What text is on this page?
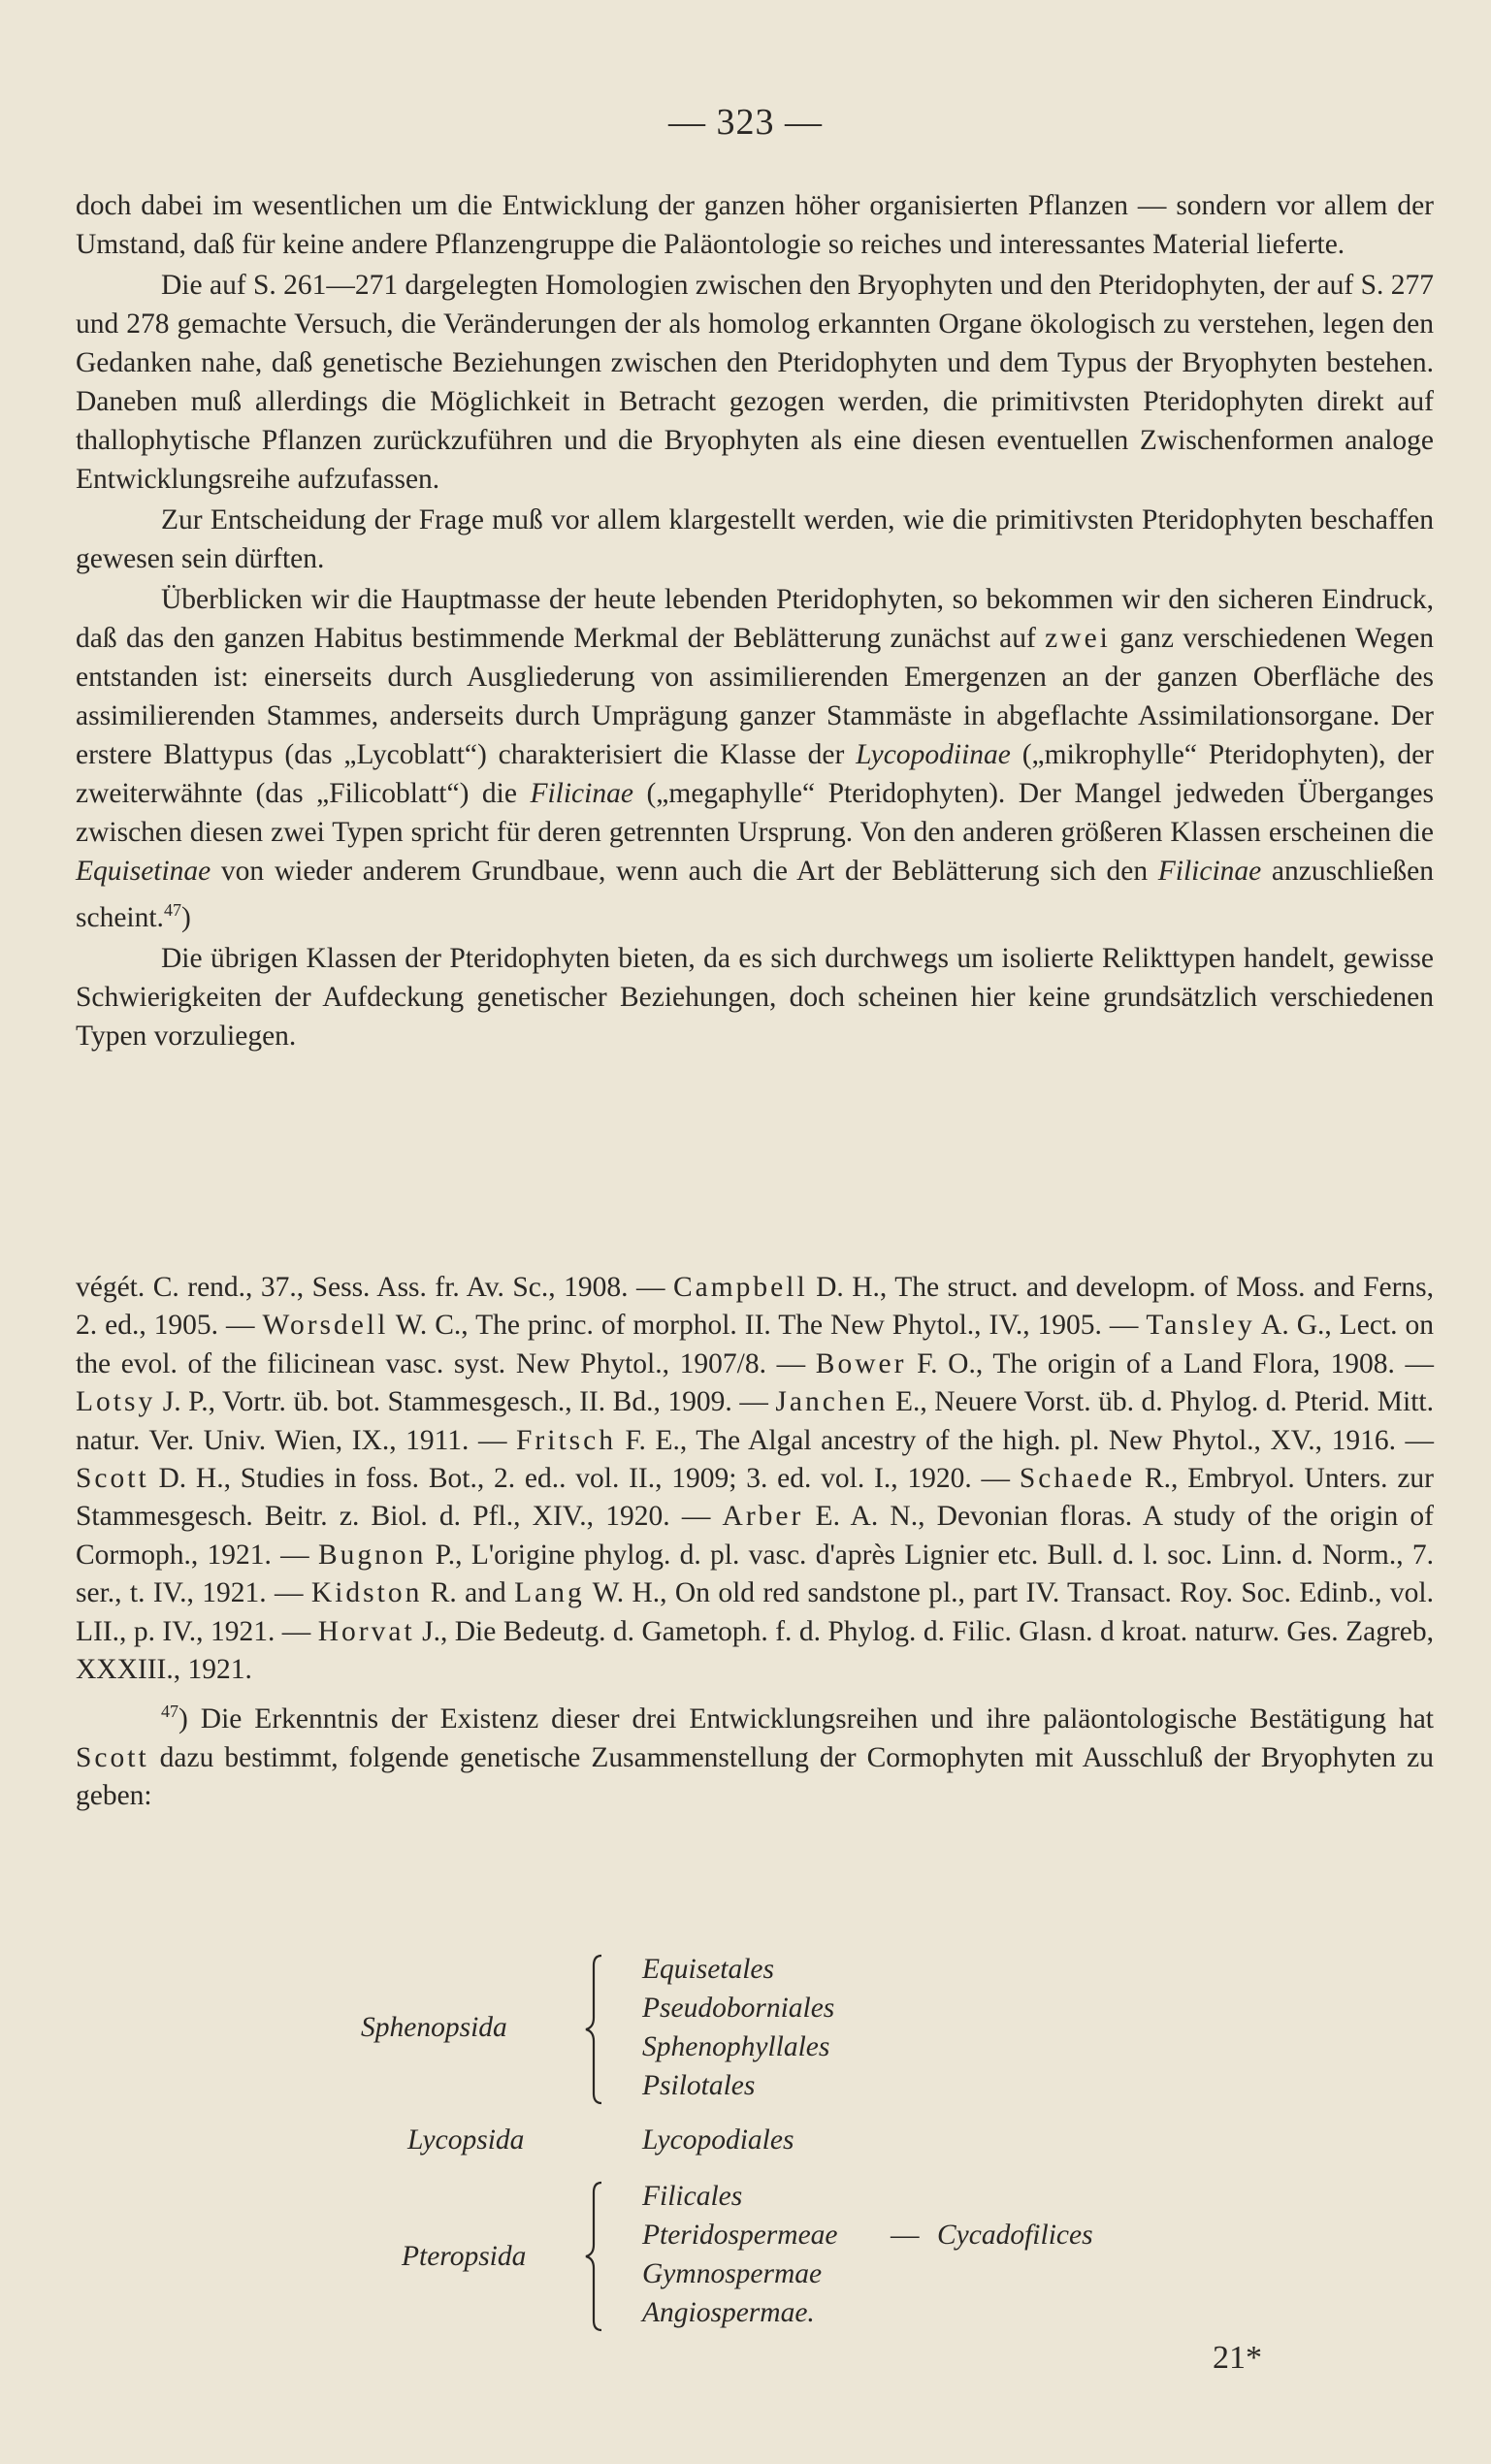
— 323 —

doch dabei im wesentlichen um die Entwicklung der ganzen höher organisierten Pflanzen — sondern vor allem der Umstand, daß für keine andere Pflanzengruppe die Paläontologie so reiches und interessantes Material lieferte.

Die auf S. 261—271 dargelegten Homologien zwischen den Bryophyten und den Pteridophyten, der auf S. 277 und 278 gemachte Versuch, die Veränderungen der als homolog erkannten Organe ökologisch zu verstehen, legen den Gedanken nahe, daß genetische Beziehungen zwischen den Pteridophyten und dem Typus der Bryophyten bestehen. Daneben muß allerdings die Möglichkeit in Betracht gezogen werden, die primitivsten Pteridophyten direkt auf thallophytische Pflanzen zurückzuführen und die Bryophyten als eine diesen eventuellen Zwischenformen analoge Entwicklungsreihe aufzufassen.

Zur Entscheidung der Frage muß vor allem klargestellt werden, wie die primitivsten Pteridophyten beschaffen gewesen sein dürften.

Überblicken wir die Hauptmasse der heute lebenden Pteridophyten, so bekommen wir den sicheren Eindruck, daß das den ganzen Habitus bestimmende Merkmal der Beblätterung zunächst auf zwei ganz verschiedenen Wegen entstanden ist: einerseits durch Ausgliederung von assimilierenden Emergenzen an der ganzen Oberfläche des assimilierenden Stammes, anderseits durch Umprägung ganzer Stammäste in abgeflachte Assimilationsorgane. Der erstere Blattypus (das „Lycoblatt“) charakterisiert die Klasse der Lycopodiinae („mikrophylle“ Pteridophyten), der zweiterwähnte (das „Filicoblatt“) die Filicinae („megaphylle“ Pteridophyten). Der Mangel jedweden Überganges zwischen diesen zwei Typen spricht für deren getrennten Ursprung. Von den anderen größeren Klassen erscheinen die Equisetinae von wieder anderem Grundbaue, wenn auch die Art der Beblätterung sich den Filicinae anzuschließen scheint.$^{47}$)

Die übrigen Klassen der Pteridophyten bieten, da es sich durchwegs um isolierte Relikttypen handelt, gewisse Schwierigkeiten der Aufdeckung genetischer Beziehungen, doch scheinen hier keine grundsätzlich verschiedenen Typen vorzuliegen.

végét. C. rend., 37., Sess. Ass. fr. Av. Sc., 1908. — Campbell D. H., The struct. and developm. of Moss. and Ferns, 2. ed., 1905. — Worsdell W. C., The princ. of morphol. II. The New Phytol., IV., 1905. — Tansley A. G., Lect. on the evol. of the filicinean vasc. syst. New Phytol., 1907/8. — Bower F. O., The origin of a Land Flora, 1908. — Lotsy J. P., Vortr. üb. bot. Stammesgesch., II. Bd., 1909. — Janchen E., Neuere Vorst. üb. d. Phylog. d. Pterid. Mitt. natur. Ver. Univ. Wien, IX., 1911. — Fritsch F. E., The Algal ancestry of the high. pl. New Phytol., XV., 1916. — Scott D. H., Studies in foss. Bot., 2. ed.. vol. II., 1909; 3. ed. vol. I., 1920. — Schaede R., Embryol. Unters. zur Stammesgesch. Beitr. z. Biol. d. Pfl., XIV., 1920. — Arber E. A. N., Devonian floras. A study of the origin of Cormoph., 1921. — Bugnon P., L'origine phylog. d. pl. vasc. d'après Lignier etc. Bull. d. l. soc. Linn. d. Norm., 7. ser., t. IV., 1921. — Kidston R. and Lang W. H., On old red sandstone pl., part IV. Transact. Roy. Soc. Edinb., vol. LII., p. IV., 1921. — Horvat J., Die Bedeutg. d. Gametoph. f. d. Phylog. d. Filic. Glasn. d kroat. naturw. Ges. Zagreb, XXXIII., 1921.

$^{47}$) Die Erkenntnis der Existenz dieser drei Entwicklungsreihen und ihre paläontologische Bestätigung hat Scott dazu bestimmt, folgende genetische Zusammenstellung der Cormophyten mit Ausschluß der Bryophyten zu geben:

Sphenopsida
Equisetales
Pseudoborniales
Sphenophyllales
Psilotales
Lycopsida	Lycopodiales
Pteropsida
Filicales
Pteridospermeae — Cycadofilices
Gymnospermae
Angiospermae.
21*
